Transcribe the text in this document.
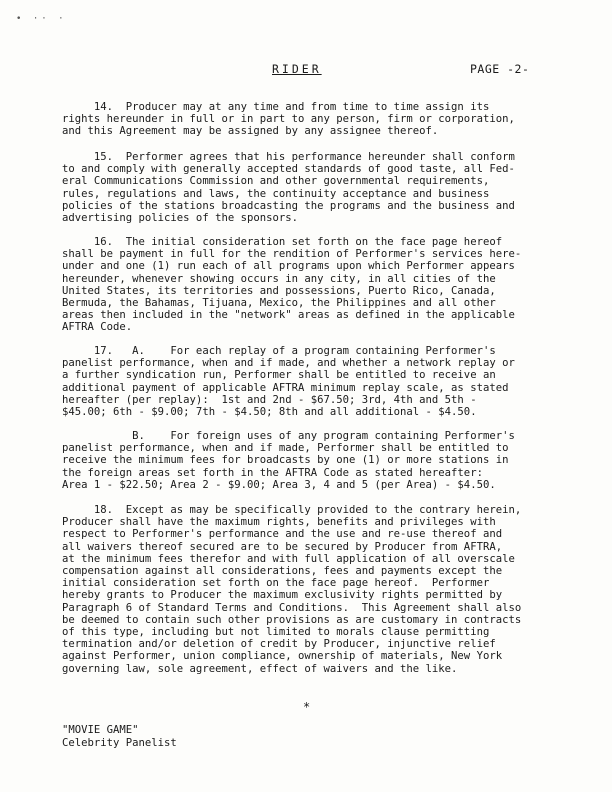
• ·· ·
RIDER	PAGE -2-
14.  Producer may at any time and from time to time assign its
rights hereunder in full or in part to any person, firm or corporation,
and this Agreement may be assigned by any assignee thereof.
15.  Performer agrees that his performance hereunder shall conform
to and comply with generally accepted standards of good taste, all Fed-
eral Communications Commission and other governmental requirements,
rules, regulations and laws, the continuity acceptance and business
policies of the stations broadcasting the programs and the business and
advertising policies of the sponsors.
16.  The initial consideration set forth on the face page hereof
shall be payment in full for the rendition of Performer's services here-
under and one (1) run each of all programs upon which Performer appears
hereunder, whenever showing occurs in any city, in all cities of the
United States, its territories and possessions, Puerto Rico, Canada,
Bermuda, the Bahamas, Tijuana, Mexico, the Philippines and all other
areas then included in the "network" areas as defined in the applicable
AFTRA Code.
17.   A.    For each replay of a program containing Performer's
panelist performance, when and if made, and whether a network replay or
a further syndication run, Performer shall be entitled to receive an
additional payment of applicable AFTRA minimum replay scale, as stated
hereafter (per replay):  1st and 2nd - $67.50; 3rd, 4th and 5th -
$45.00; 6th - $9.00; 7th - $4.50; 8th and all additional - $4.50.
B.    For foreign uses of any program containing Performer's
panelist performance, when and if made, Performer shall be entitled to
receive the minimum fees for broadcasts by one (1) or more stations in
the foreign areas set forth in the AFTRA Code as stated hereafter:
Area 1 - $22.50; Area 2 - $9.00; Area 3, 4 and 5 (per Area) - $4.50.
18.  Except as may be specifically provided to the contrary herein,
Producer shall have the maximum rights, benefits and privileges with
respect to Performer's performance and the use and re-use thereof and
all waivers thereof secured are to be secured by Producer from AFTRA,
at the minimum fees therefor and with full application of all overscale
compensation against all considerations, fees and payments except the
initial consideration set forth on the face page hereof.  Performer
hereby grants to Producer the maximum exclusivity rights permitted by
Paragraph 6 of Standard Terms and Conditions.  This Agreement shall also
be deemed to contain such other provisions as are customary in contracts
of this type, including but not limited to morals clause permitting
termination and/or deletion of credit by Producer, injunctive relief
against Performer, union compliance, ownership of materials, New York
governing law, sole agreement, effect of waivers and the like.
*
"MOVIE GAME"
Celebrity Panelist
